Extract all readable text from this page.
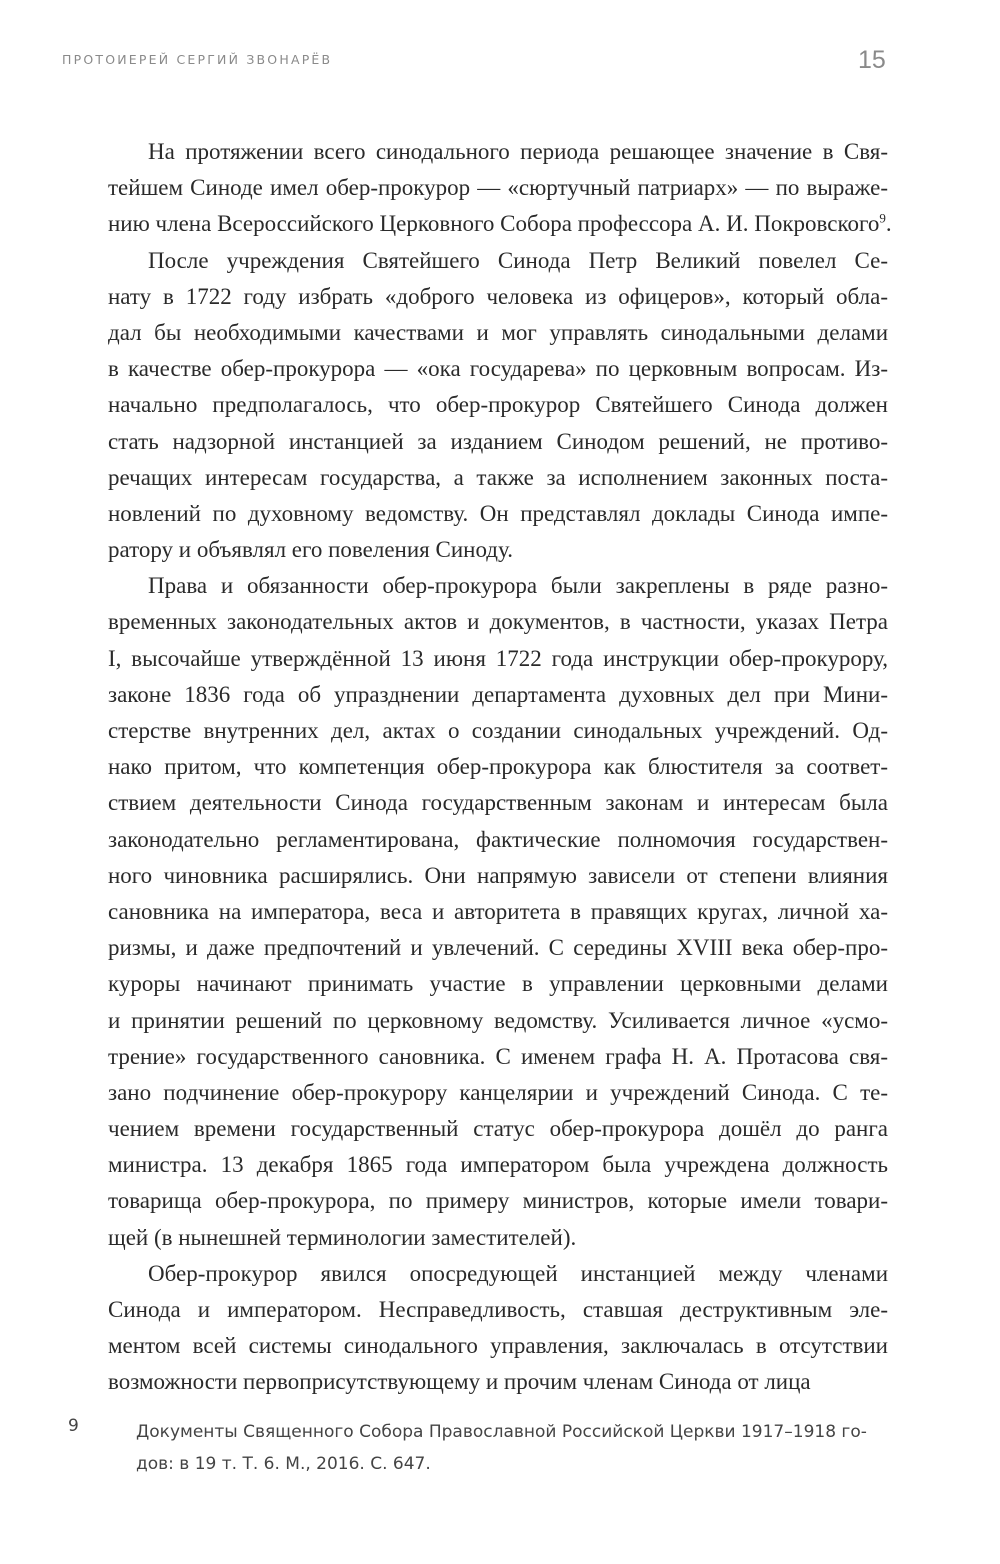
ПРОТОИЕРЕЙ СЕРГИЙ ЗВОНАРЁВ	15
На протяжении всего синодального периода решающее значение в Свя-
тейшем Синоде имел обер-прокурор — «сюртучный патриарх» — по выраже-
нию члена Всероссийского Церковного Собора профессора А. И. Покровского$^9$.
После учреждения Святейшего Синода Петр Великий повелел Се-
нату в 1722 году избрать «доброго человека из офицеров», который обла-
дал бы необходимыми качествами и мог управлять синодальными делами
в качестве обер-прокурора — «ока государева» по церковным вопросам. Из-
начально предполагалось, что обер-прокурор Святейшего Синода должен
стать надзорной инстанцией за изданием Синодом решений, не противо-
речащих интересам государства, а также за исполнением законных поста-
новлений по духовному ведомству. Он представлял доклады Синода импе-
ратору и объявлял его повеления Синоду.
Права и обязанности обер-прокурора были закреплены в ряде разно-
временных законодательных актов и документов, в частности, указах Петра
I, высочайше утверждённой 13 июня 1722 года инструкции обер-прокурору,
законе 1836 года об упразднении департамента духовных дел при Мини-
стерстве внутренних дел, актах о создании синодальных учреждений. Од-
нако притом, что компетенция обер-прокурора как блюстителя за соответ-
ствием деятельности Синода государственным законам и интересам была
законодательно регламентирована, фактические полномочия государствен-
ного чиновника расширялись. Они напрямую зависели от степени влияния
сановника на императора, веса и авторитета в правящих кругах, личной ха-
ризмы, и даже предпочтений и увлечений. С середины XVIII века обер-про-
куроры начинают принимать участие в управлении церковными делами
и принятии решений по церковному ведомству. Усиливается личное «усмо-
трение» государственного сановника. С именем графа Н. А. Протасова свя-
зано подчинение обер-прокурору канцелярии и учреждений Синода. С те-
чением времени государственный статус обер-прокурора дошёл до ранга
министра. 13 декабря 1865 года императором была учреждена должность
товарища обер-прокурора, по примеру министров, которые имели товари-
щей (в нынешней терминологии заместителей).
Обер-прокурор явился опосредующей инстанцией между членами
Синода и императором. Несправедливость, ставшая деструктивным эле-
ментом всей системы синодального управления, заключалась в отсутствии
возможности первоприсутствующему и прочим членам Синода от лица
9	Документы Священного Собора Православной Российской Церкви 1917–1918 го-
дов: в 19 т. Т. 6. М., 2016. С. 647.
